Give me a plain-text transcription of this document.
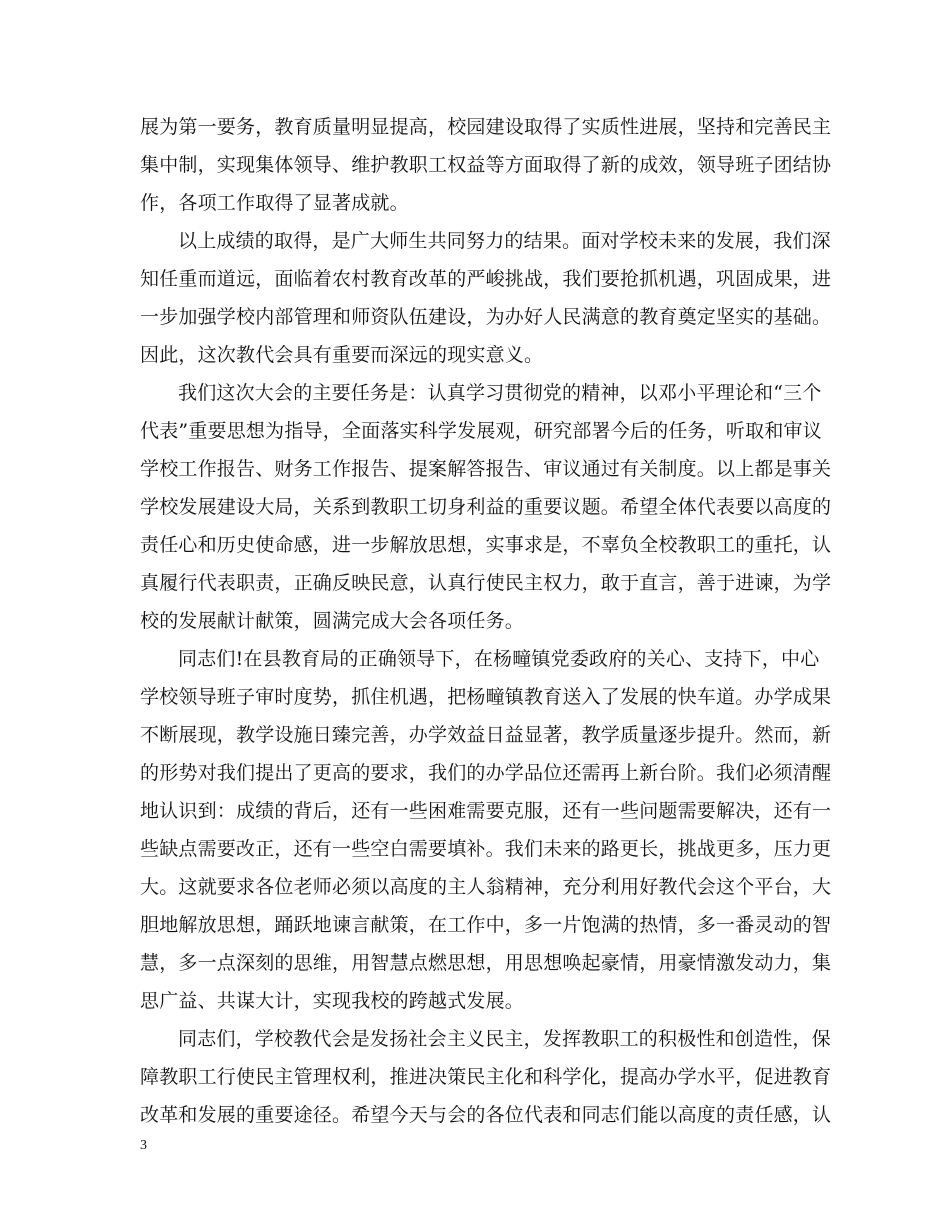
展为第一要务，教育质量明显提高，校园建设取得了实质性进展，坚持和完善民主
集中制，实现集体领导、维护教职工权益等方面取得了新的成效，领导班子团结协
作，各项工作取得了显著成就。
以上成绩的取得，是广大师生共同努力的结果。面对学校未来的发展，我们深
知任重而道远，面临着农村教育改革的严峻挑战，我们要抢抓机遇，巩固成果，进
一步加强学校内部管理和师资队伍建设，为办好人民满意的教育奠定坚实的基础。
因此，这次教代会具有重要而深远的现实意义。
我们这次大会的主要任务是：认真学习贯彻党的精神，以邓小平理论和“三个
代表”重要思想为指导，全面落实科学发展观，研究部署今后的任务，听取和审议
学校工作报告、财务工作报告、提案解答报告、审议通过有关制度。以上都是事关
学校发展建设大局，关系到教职工切身利益的重要议题。希望全体代表要以高度的
责任心和历史使命感，进一步解放思想，实事求是，不辜负全校教职工的重托，认
真履行代表职责，正确反映民意，认真行使民主权力，敢于直言，善于进谏，为学
校的发展献计献策，圆满完成大会各项任务。
同志们!在县教育局的正确领导下，在杨疃镇党委政府的关心、支持下，中心
学校领导班子审时度势，抓住机遇，把杨疃镇教育送入了发展的快车道。办学成果
不断展现，教学设施日臻完善，办学效益日益显著，教学质量逐步提升。然而，新
的形势对我们提出了更高的要求，我们的办学品位还需再上新台阶。我们必须清醒
地认识到：成绩的背后，还有一些困难需要克服，还有一些问题需要解决，还有一
些缺点需要改正，还有一些空白需要填补。我们未来的路更长，挑战更多，压力更
大。这就要求各位老师必须以高度的主人翁精神，充分利用好教代会这个平台，大
胆地解放思想，踊跃地谏言献策，在工作中，多一片饱满的热情，多一番灵动的智
慧，多一点深刻的思维，用智慧点燃思想，用思想唤起豪情，用豪情激发动力，集
思广益、共谋大计，实现我校的跨越式发展。
同志们，学校教代会是发扬社会主义民主，发挥教职工的积极性和创造性，保
障教职工行使民主管理权利，推进决策民主化和科学化，提高办学水平，促进教育
改革和发展的重要途径。希望今天与会的各位代表和同志们能以高度的责任感，认
3
